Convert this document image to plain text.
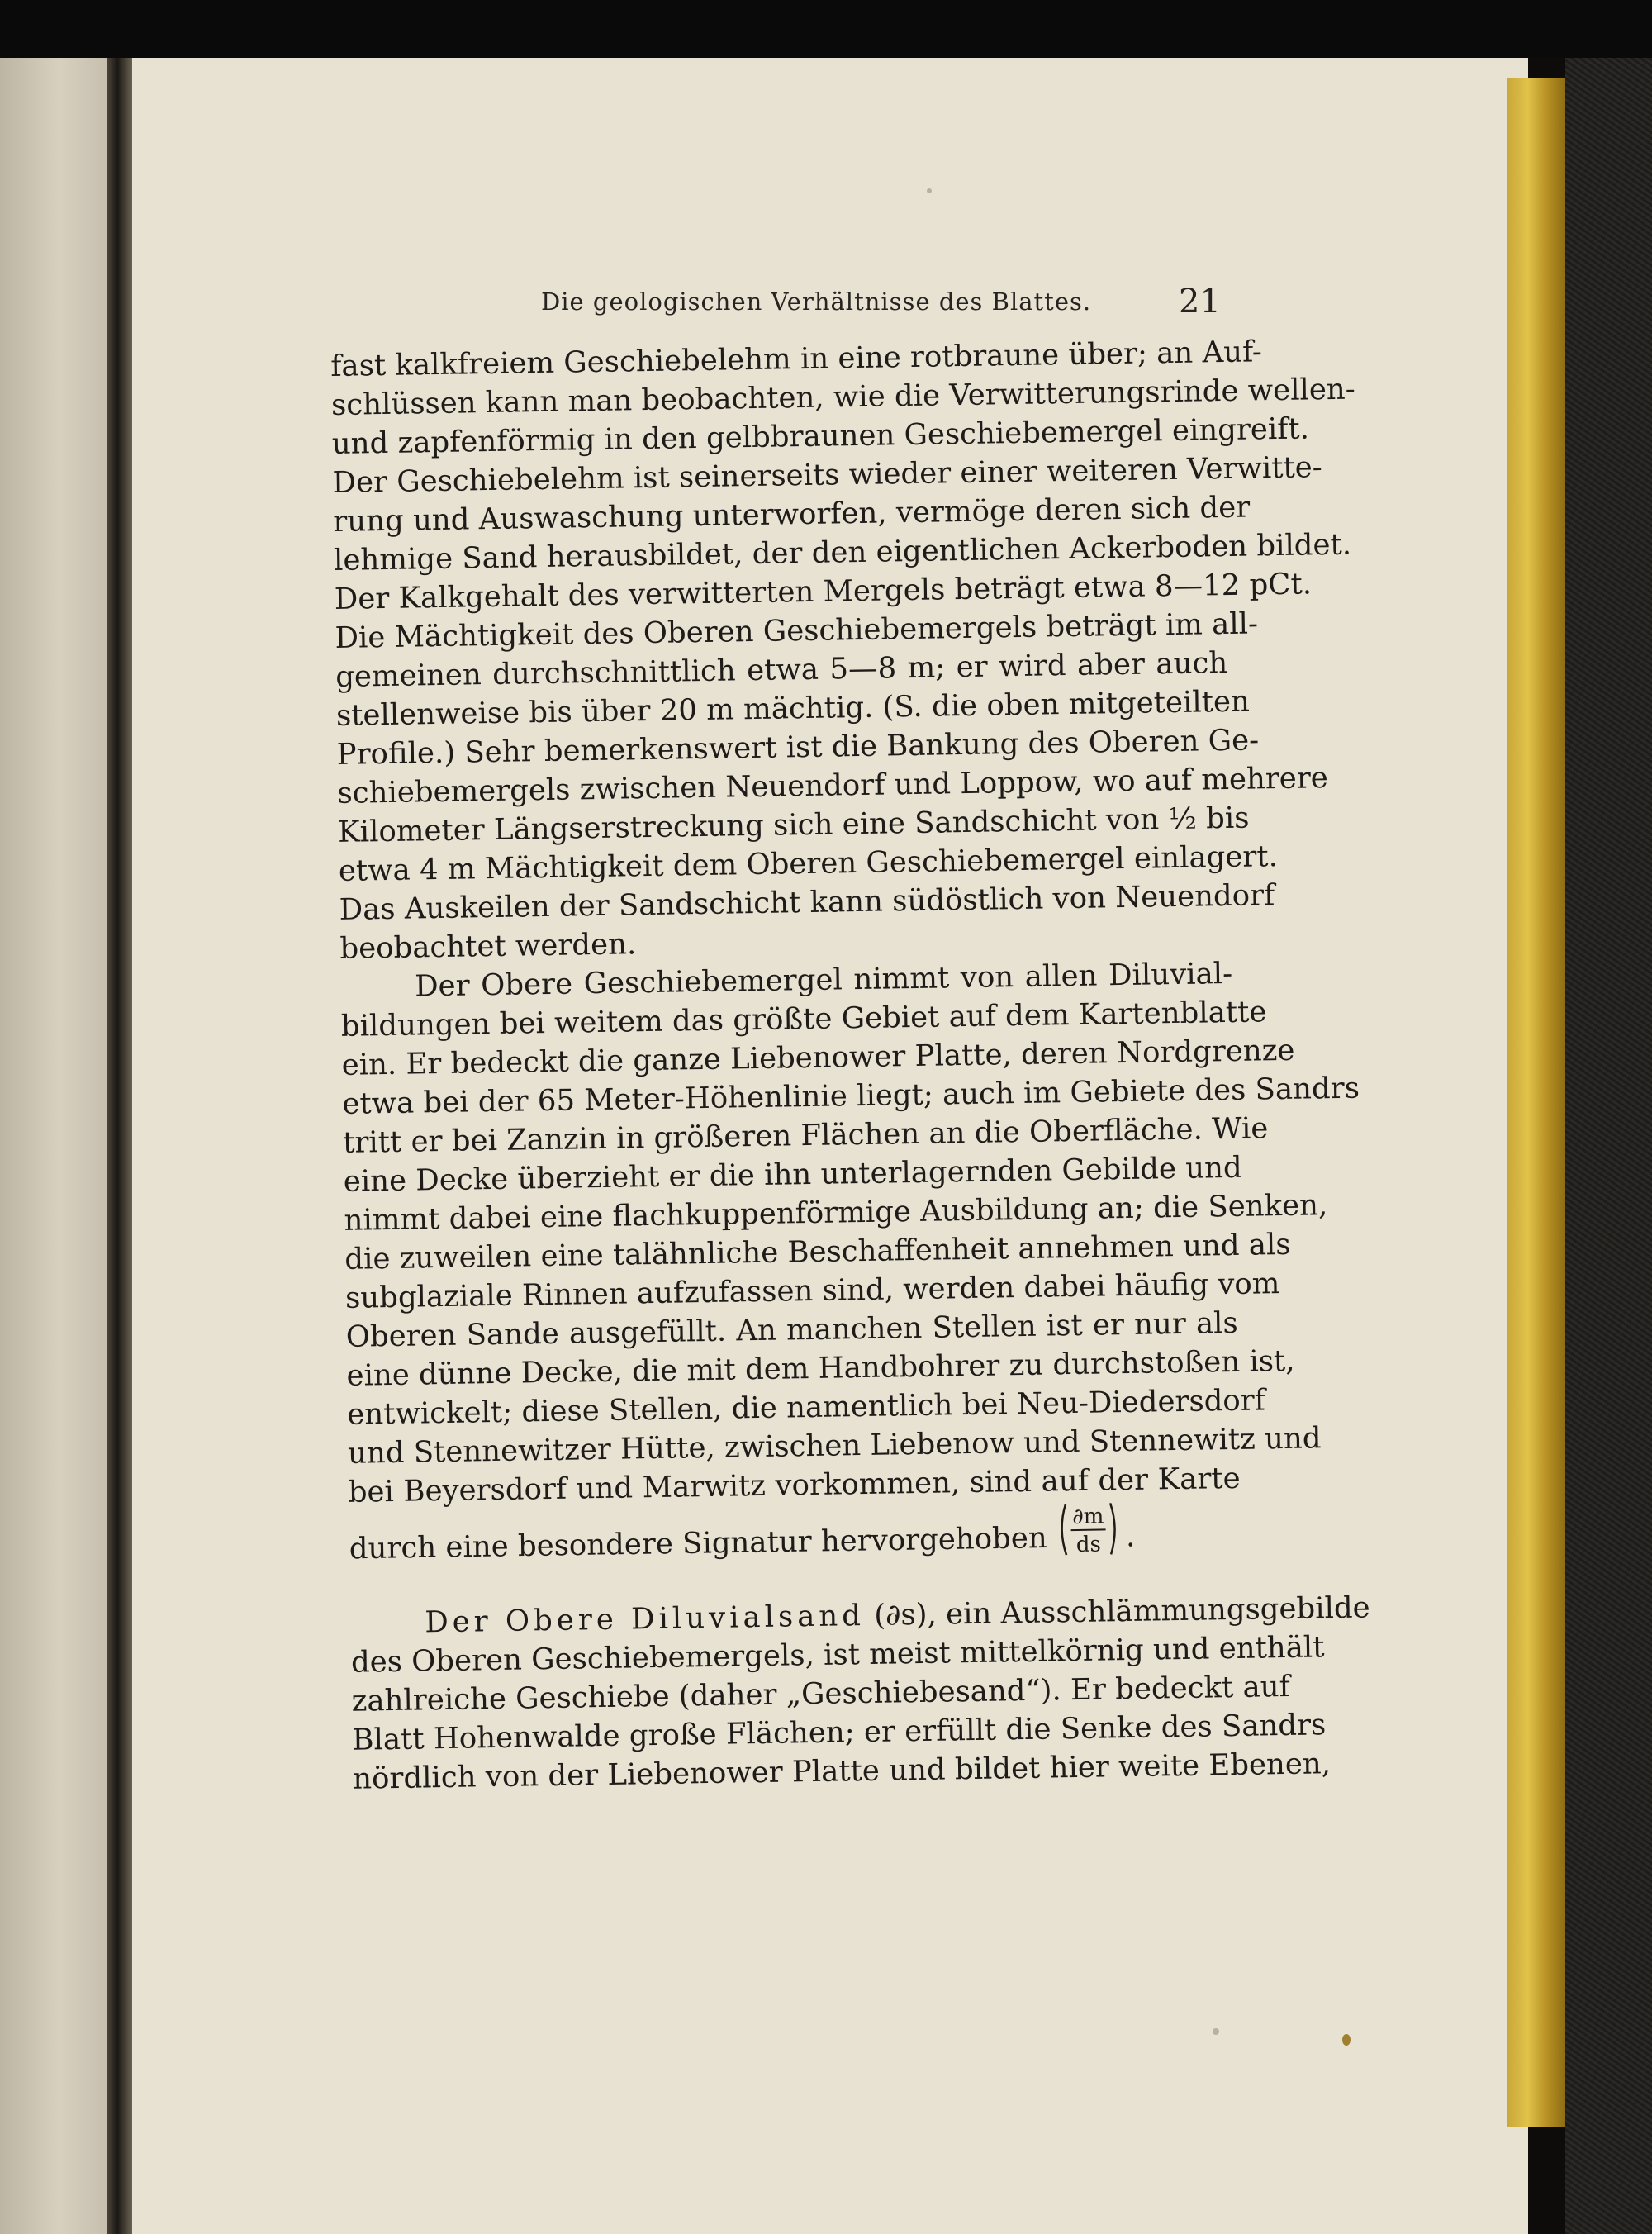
Die geologischen Verhältnisse des Blattes.	21
fast kalkfreiem Geschiebelehm in eine rotbraune über; an Auf-
schlüssen kann man beobachten, wie die Verwitterungsrinde wellen-
und zapfenförmig in den gelbbraunen Geschiebemergel eingreift.
Der Geschiebelehm ist seinerseits wieder einer weiteren Verwitte-
rung und Auswaschung unterworfen, vermöge deren sich der
lehmige Sand herausbildet, der den eigentlichen Ackerboden bildet.
Der Kalkgehalt des verwitterten Mergels beträgt etwa 8—12 pCt.
Die Mächtigkeit des Oberen Geschiebemergels beträgt im all-
gemeinen durchschnittlich etwa 5—8 m; er wird aber auch
stellenweise bis über 20 m mächtig. (S. die oben mitgeteilten
Profile.) Sehr bemerkenswert ist die Bankung des Oberen Ge-
schiebemergels zwischen Neuendorf und Loppow, wo auf mehrere
Kilometer Längserstreckung sich eine Sandschicht von ½ bis
etwa 4 m Mächtigkeit dem Oberen Geschiebemergel einlagert.
Das Auskeilen der Sandschicht kann südöstlich von Neuendorf
beobachtet werden.
Der Obere Geschiebemergel nimmt von allen Diluvial-
bildungen bei weitem das größte Gebiet auf dem Kartenblatte
ein. Er bedeckt die ganze Liebenower Platte, deren Nordgrenze
etwa bei der 65 Meter-Höhenlinie liegt; auch im Gebiete des Sandrs
tritt er bei Zanzin in größeren Flächen an die Oberfläche. Wie
eine Decke überzieht er die ihn unterlagernden Gebilde und
nimmt dabei eine flachkuppenförmige Ausbildung an; die Senken,
die zuweilen eine talähnliche Beschaffenheit annehmen und als
subglaziale Rinnen aufzufassen sind, werden dabei häufig vom
Oberen Sande ausgefüllt. An manchen Stellen ist er nur als
eine dünne Decke, die mit dem Handbohrer zu durchstoßen ist,
entwickelt; diese Stellen, die namentlich bei Neu-Diedersdorf
und Stennewitzer Hütte, zwischen Liebenow und Stennewitz und
bei Beyersdorf und Marwitz vorkommen, sind auf der Karte
durch eine besondere Signatur hervorgehoben
∂m
ds .
Der Obere Diluvialsand (∂s), ein Ausschlämmungsgebilde
des Oberen Geschiebemergels, ist meist mittelkörnig und enthält
zahlreiche Geschiebe (daher „Geschiebesand“). Er bedeckt auf
Blatt Hohenwalde große Flächen; er erfüllt die Senke des Sandrs
nördlich von der Liebenower Platte und bildet hier weite Ebenen,
